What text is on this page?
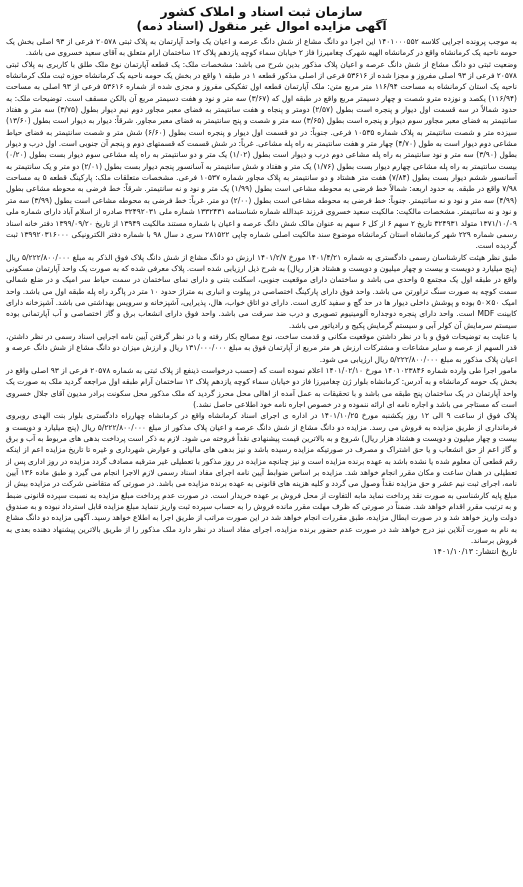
سازمان ثبت اسناد و املاک کشور
آگهی مزایده اموال غیر منقول (اسناد ذمه)

به موجب پرونده اجرایی کلاسه ۱۴۰۱۰۰۰۵۵۲ این اجرا دو دانگ مشاع از شش دانگ عرصه و اعیان یک واحد آپارتمان به پلاک ثبتی ۲۰۵۷۸ فرعی از ۹۳ اصلی بخش یک حومه ناحیه یک کرمانشاه واقع در کرمانشاه الهیه شهرک چغامیرزا فاز ۲ خیابان سماء کوچه یازدهم پلاک ۱۲ ساختمان ارام متعلق به آقای سعید خسروی می باشد.

وضعیت ثبتی دو دانگ مشاع از شش دانگ عرصه و اعیان پلاک مذکور بدین شرح می باشد: مشخصات ملک: یک قطعه آپارتمان نوع ملک طلق با کاربری به پلاک ثبتی ۲۰۵۷۸ فرعی از ۹۳ اصلی مفروز و مجزا شده از ۵۳۶۱۶ فرعی از اصلی مذکور قطعه ۱ در طبقه ۱ واقع در بخش یک حومه ناحیه یک کرمانشاه حوزه ثبت ملک کرمانشاه ناحیه یک استان کرمانشاه به مساحت ۱۱۶/۹۴ متر مربع متن: ملک آپارتمان قطعه اول تفکیکی مفروز و مجزی شده از شماره ۵۳۶۱۶ فرعی از ۹۳ اصلی به مساحت (۱۱۶/۹۴) یکصد و نوزده مترو شصت و چهار دسیمتر مربع واقع در طبقه اول که (۳/۶۷) سه متر و نود و هفت دسیمتر مربع آن بالکن مسقف است. توضیحات ملک: به حدود شمالاً در سه قسمت اول دیوار و پنجره است بطول (۲/۵۷) دومتر و پنجاه و هفت سانتیمتر به فضای معبر مجاور دوم نیم دیوار بطول (۳/۷۵) سه متر و هفتاد سانتیمتر به فضای معبر مجاور سوم دیوار و پنجره است بطول (۳/۶۵) سه متر و شصت و پنج سانتیمتر به فضای معبر مجاور. شرقاً: دیوار به دیوار است بطول (۱۳/۶۰) سیزده متر و شصت سانتیمتر به پلاک شماره ۱۰۵۳۵ فرعی. جنوباً: در دو قسمت اول دیوار و پنجره است بطول (۶/۶۰) شش متر و شصت سانتیمتر به فضای حیاط مشاعی دوم دیوار است به طول (۴/۷۰) چهار متر و هفت سانتیمتر به راه پله مشاعی. غرباً: در شش قسمت که قسمتهای دوم و پنجم آن جنوبی است. اول درب و دیوار بطول (۳/۹۰) سه متر و نود سانتیمتر به راه پله مشاعی دوم درب و دیوار است بطول (۱/۰۲) یک متر و دو سانتیمتر به راه پله مشاعی سوم دیوار بست بطول (۰/۲۰) بیست سانتیمتر به راه پله مشاعی چهارم دیوار بست بطول (۱/۷۶) یک متر و هفتاد و شش سانتیمتر به آسانسور پنجم دیوار بست بطول (۲/۰۱) دو متر و یک سانتیمتر به آسانسور ششم دیوار بست بطول (۷/۸۴) هفت متر هشتاد و دو سانتیمتر به پلاک مجاور شماره ۱۰۵۳۷ فرعی. مشخصات متعلقات ملک: پارکینگ قطعه ۵ به مساحت ۷/۹۸ واقع در طبقه. به حدود اربعه: شمالاً خط فرضی به محوطه مشاعی است بطول (۱/۹۹) یک متر و نود و نه سانتیمتر. شرقاً: خط فرضی به محوطه مشاعی بطول (۴/۹۹) سه متر و نود و نه سانتیمتر. جنوباً: خط فرضی به محوطه مشاعی است بطول (۲/۰۰) دو متر. غرباً: خط فرضی به محوطه مشاعی است بطول (۳/۹۹) سه متر و نود و نه سانتیمتر. مشخصات مالکیت: مالکیت سعید خسروی فرزند عبدالله شماره شناسنامه ۱۳۳۲۴۳۱ شماره ملی ۳۲۴۹۲۰۳۱ صادره از اسلام آباد دارای شماره ملی ۱۳۷۱/۱۰/۰۹ متولد ۳۲۴۹۳۱ تاریخ ۲ سهم ۶ از کل ۶ سهم به عنوان مالک شش دانگ عرصه و اعیان با شماره مستند مالکیت ۱۳۹۴۹ از تاریخ ۱۳۹۹/۰۹/۲۰ دفتر خانه اسناد رسمی شماره ۲۲۹ شهر کرمانشاه استان کرمانشاه موضوع سند مالکیت اصلی شماره چاپی ۲۸۱۵۲۲ سری د سال ۹۸ با شماره دفتر الکترونیکی ۱۳۹۹۲۰۳۱۶۰۰۰ ثبت گردیده است.

طبق نظر هیئت کارشناسان رسمی دادگستری به شماره ۱۴۰۱/۴/۲۱ مورخ ۱۴۰۱/۲/۷ ارزش دو دانگ مشاع از شش دانگ پلاک فوق الذکر به مبلغ ۵/۲۲۲/۸۰۰/۰۰۰ ریال (پنج میلیارد و دویست و بیست و چهار میلیون و دویست و هشتاد هزار ریال) به شرح ذیل ارزیابی شده است. پلاک معرفی شده که به صورت یک واحد آپارتمان مسکونی واقع در طبقه اول یک مجتمع ۵ واحدی می باشد و ساختمان دارای موقعیت جنوبی، اسکلت بتنی و دارای نمای ساختمان در سمت حیاط سر امیک و در ضلع شمالی سمت کوچه به صورت سنگ تراورتن می باشد. واحد فوق دارای پارکینگ اختصاصی در پیلوت و انباری به متراژ حدود ۱۰ متر در پاگرد راه پله طبقه اول می باشد. واحد امیک ۵۰×۵۰ بوده و پوشش داخلی دیوار ها در حد گچ و سفید کاری است. دارای دو اتاق خواب، هال، پذیرایی، آشپزخانه و سرویس بهداشتی می باشد. آشپزخانه دارای کابینت MDF است. واحد دارای پنجره دوجداره آلومینیوم تصویری و درب ضد سرقت می باشد. واحد فوق دارای انشعاب برق و گاز اختصاصی و آب آپارتمانی بوده سیستم سرمایش آن کولر آبی و سیستم گرمایش پکیج و رادیاتور می باشد.

با عنایت به توضیحات فوق و با در نظر داشتن موقعیت مکانی و قدمت ساخت، نوع مصالح بکار رفته و با در نظر گرفتن آیین نامه اجرایی اسناد رسمی در نظر داشتن، قدر السهم از عرصه و سایر مشاعات و مشترکات ارزش هر متر مربع از آپارتمان فوق به مبلغ ۱۳۱/۰۰۰/۰۰۰ ریال و ارزش میزان دو دانگ مشاع از شش دانگ عرصه و اعیان پلاک مذکور به مبلغ ۵/۲۲۲/۸۰۰/۰۰۰ ریال ارزیابی می شود.

مامور اجرا طی وارده شماره ۱۴۰۱۰۲۳۸۴۶ مورخ ۱۴۰۱/۰۲/۱۰ اعلام نموده است که (حسب درخواست ذینفع از پلاک ثبتی به شماره ۲۰۵۷۸ فرعی از ۹۳ اصلی واقع در بخش یک حومه کرمانشاه و به آدرس: کرمانشاه بلوار ژن چغامیرزا فاز دو خیابان سماء کوچه یازدهم پلاک ۱۲ ساختمان آرام طبقه اول مراجعه گردید ملک به صورت یک واحد آپارتمان در یک ساختمان پنج طبقه می باشد و با تحقیقات به عمل آمده از اهالی محل محرز گردید که ملک مذکور محل سکونت برادر مدیون آقای جلال خسروی است که مستاجر می باشد و اجاره نامه ای ارائه ننموده و در خصوص اجاره نامه خود اطلاعی حاصل نشد.)

پلاک فوق از ساعت ۹ الی ۱۲ روز یکشنبه مورخ ۱۴۰۱/۱۰/۲۵ در اداره ی اجرای اسناد کرمانشاه واقع در کرمانشاه چهارراه دادگستری بلوار بنت الهدی روبروی فرمانداری از طریق مزایده به فروش می رسد. مزایده دو دانگ مشاع از شش دانگ عرصه و اعیان پلاک مذکور از مبلغ ۵/۲۲۲/۸۰۰/۰۰۰ ریال (پنج میلیارد و دویست و بیست و چهار میلیون و دویست و هشتاد هزار ریال) شروع و به بالاترین قیمت پیشنهادی نقداً فروخته می شود. لازم به ذکر است پرداخت بدهی های مربوط به آب و برق و گاز اعم از حق انشعاب و یا حق اشتراک و مصرف در صورتیکه مزایده رسیده باشد و نیز بدهی های مالیاتی و عوارض شهرداری و غیره تا تاریخ مزایده اعم از اینکه رقم قطعی آن معلوم شده یا نشده باشد به عهده برنده مزایده است و نیز چنانچه مزایده در روز مذکور با تعطیلی غیر مترقبه مصادف گردد مزایده در روز اداری پس از تعطیلی در همان ساعت و مکان مقرر انجام خواهد شد. مزایده بر اساس ضوابط آیین نامه اجرای مفاد اسناد رسمی لازم الاجرا انجام می گیرد و طبق ماده ۱۳۶ آیین نامه، اجرای ثبت نیم عشر و حق مزایده نقداً وصول می گردد و کلیه هزینه های قانونی به عهده برنده مزایده می باشد. در صورتی که متقاضی شرکت در مزایده بیش از مبلغ پایه کارشناسی به صورت نقد پرداخت نماید مابه التفاوت از محل فروش بر عهده خریدار است. در صورت عدم پرداخت مبلغ مزایده به نسبت سپرده قانونی ضبط و به ترتیب مقرر اقدام خواهد شد. ضمناً در صورتی که ظرف مهلت مقرر مانده فروش را به حساب سپرده ثبت واریز ننماید مبلغ مزایده قابل استرداد نبوده و به صندوق دولت واریز خواهد شد و در صورت ابطال مزایده، طبق مقررات انجام خواهد شد در این صورت مراتب از طریق اجرا به اطلاع خواهد رسید. آگهی مزایده دو دانگ مشاع به نام به صورت آنلاین نیز درج خواهد شد در صورت عدم حضور برنده مزایده، اجرای مفاد اسناد در نظر دارد ملک مذکور را از طریق بالاترین پیشنهاد دهنده بعدی به فروش برساند.

تاریخ انتشار: ۱۴۰۱/۱۰/۱۳
